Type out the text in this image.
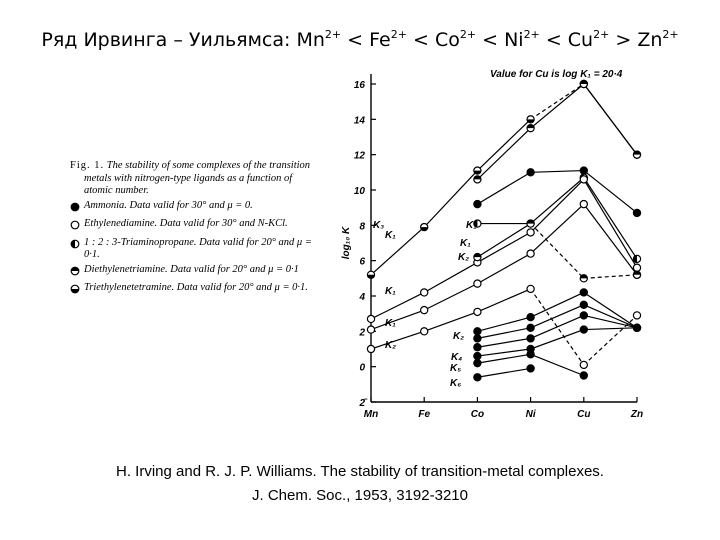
Ряд Ирвинга – Уильямса: $Mn^{2+} < Fe^{2+} < Co^{2+} < Ni^{2+} < Cu^{2+} > Zn^{2+}$
Fig. 1. The stability of some complexes of the transition metals with nitrogen-type ligands as a function of atomic number.
Ammonia. Data valid for 30° and μ = 0.
Ethylenediamine. Data valid for 30° and N-KCl.
1 : 2 : 3-Triaminopropane. Data valid for 20° and μ = 0·1.
Diethylenetriamine. Data valid for 20° and μ = 0·1
Triethylenetetramine. Data valid for 20° and μ = 0·1.
2̄
0
2
4
6
8
10
12
14
16
Mn	Fe	Co	Ni	Cu	Zn
log₁₀ K
Value for Cu is log K₁ = 20·4
K₁
K₁
K₁
K₂
K₃	K₁
K₁
K₂
K₂
K₄
K₅
K₆
H. Irving and R. J. P. Williams. The stability of transition-metal complexes.
J. Chem. Soc., 1953, 3192-3210
